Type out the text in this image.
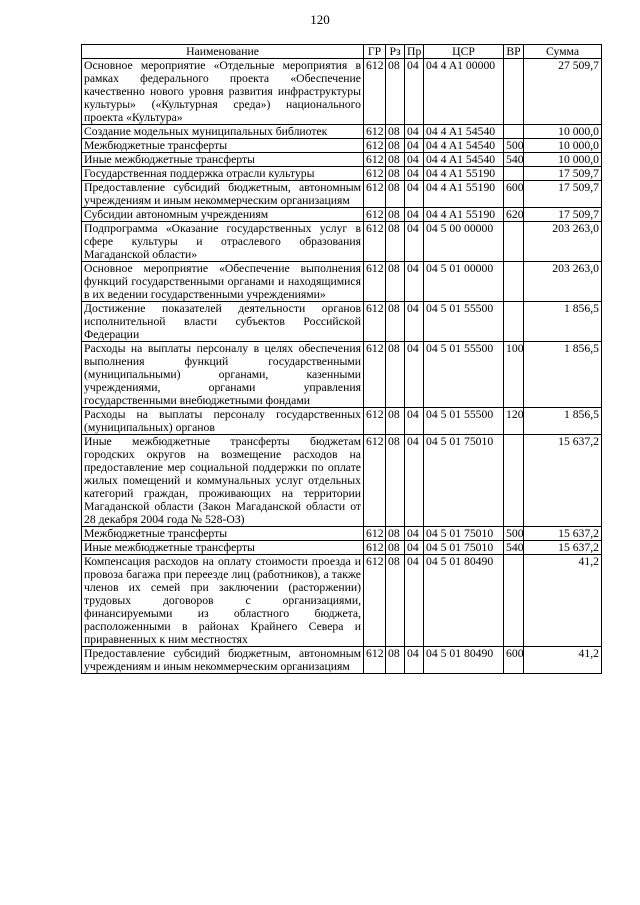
120
Наименование	ГР	Рз	Пр	ЦСР	ВР	Сумма
Основное мероприятие «Отдельные мероприятия в рамках федерального проекта «Обеспечение качественно нового уровня развития инфраструктуры культуры» («Культурная среда») национального проекта «Культура»	612	08	04	04 4 A1 00000		27 509,7
Создание модельных муниципальных библиотек	612	08	04	04 4 A1 54540		10 000,0
Межбюджетные трансферты	612	08	04	04 4 A1 54540	500	10 000,0
Иные межбюджетные трансферты	612	08	04	04 4 A1 54540	540	10 000,0
Государственная поддержка отрасли культуры	612	08	04	04 4 A1 55190		17 509,7
Предоставление субсидий бюджетным, автономным учреждениям и иным некоммерческим организациям	612	08	04	04 4 A1 55190	600	17 509,7
Субсидии автономным учреждениям	612	08	04	04 4 A1 55190	620	17 509,7
Подпрограмма «Оказание государственных услуг в сфере культуры и отраслевого образования Магаданской области»	612	08	04	04 5 00 00000		203 263,0
Основное мероприятие «Обеспечение выполнения функций государственными органами и находящимися в их ведении государственными учреждениями»	612	08	04	04 5 01 00000		203 263,0
Достижение показателей деятельности органов исполнительной власти субъектов Российской Федерации	612	08	04	04 5 01 55500		1 856,5
Расходы на выплаты персоналу в целях обеспечения выполнения функций государственными (муниципальными) органами, казенными учреждениями, органами управления государственными внебюджетными фондами	612	08	04	04 5 01 55500	100	1 856,5
Расходы на выплаты персоналу государственных (муниципальных) органов	612	08	04	04 5 01 55500	120	1 856,5
Иные межбюджетные трансферты бюджетам городских округов на возмещение расходов на предоставление мер социальной поддержки по оплате жилых помещений и коммунальных услуг отдельных категорий граждан, проживающих на территории Магаданской области (Закон Магаданской области от 28 декабря 2004 года № 528-ОЗ)	612	08	04	04 5 01 75010		15 637,2
Межбюджетные трансферты	612	08	04	04 5 01 75010	500	15 637,2
Иные межбюджетные трансферты	612	08	04	04 5 01 75010	540	15 637,2
Компенсация расходов на оплату стоимости проезда и провоза багажа при переезде лиц (работников), а также членов их семей при заключении (расторжении) трудовых договоров с организациями, финансируемыми из областного бюджета, расположенными в районах Крайнего Севера и приравненных к ним местностях	612	08	04	04 5 01 80490		41,2
Предоставление субсидий бюджетным, автономным учреждениям и иным некоммерческим организациям	612	08	04	04 5 01 80490	600	41,2
